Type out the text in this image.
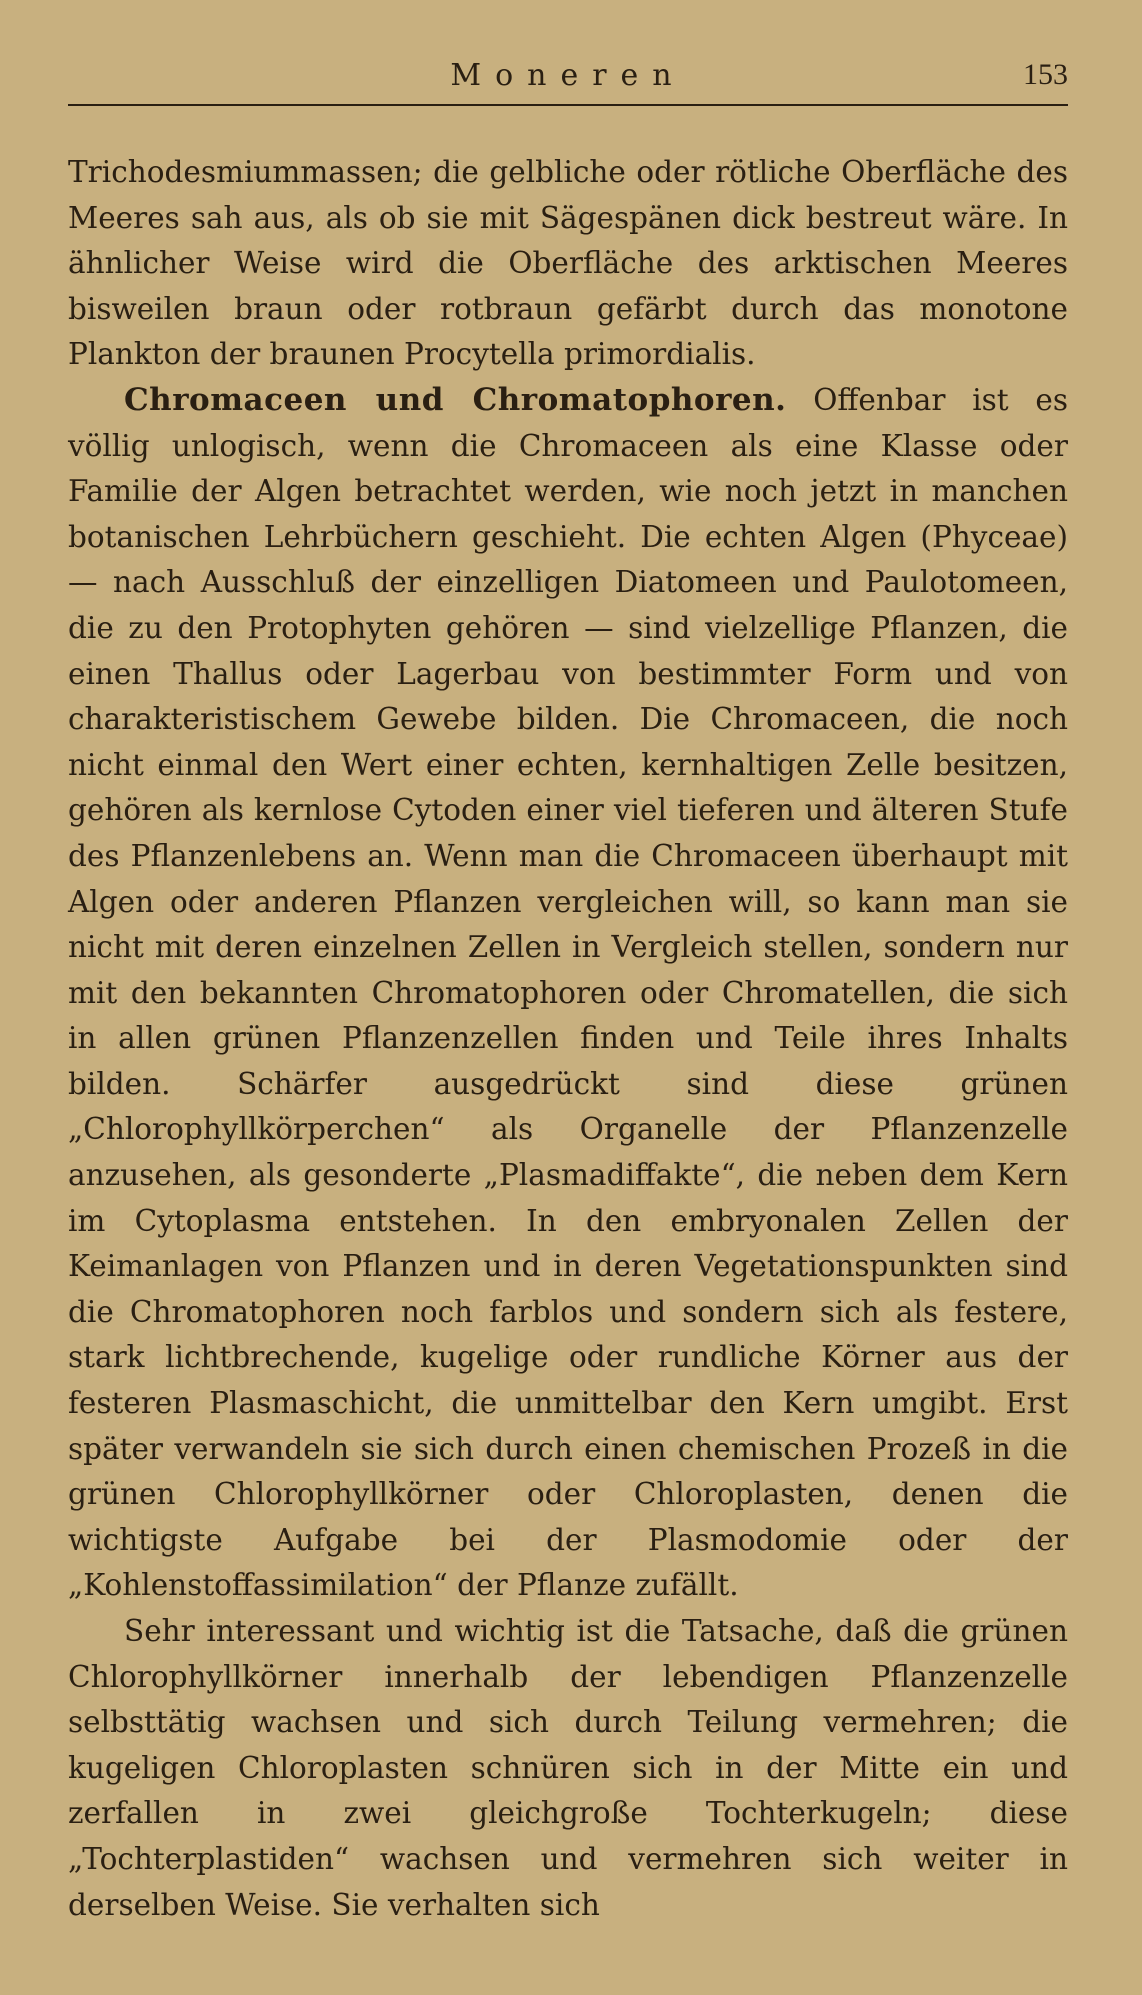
Moneren	153

Trichodesmiummassen; die gelbliche oder rötliche Oberfläche des Meeres sah aus, als ob sie mit Sägespänen dick bestreut wäre. In ähnlicher Weise wird die Oberfläche des arktischen Meeres bisweilen braun oder rotbraun gefärbt durch das monotone Plankton der braunen Procytella primordialis.

Chromaceen und Chromatophoren. Offenbar ist es völlig unlogisch, wenn die Chromaceen als eine Klasse oder Familie der Algen betrachtet werden, wie noch jetzt in manchen botanischen Lehrbüchern geschieht. Die echten Algen (Phyceae) — nach Ausschluß der einzelligen Diatomeen und Paulotomeen, die zu den Protophyten gehören — sind vielzellige Pflanzen, die einen Thallus oder Lagerbau von bestimmter Form und von charakteristischem Gewebe bilden. Die Chromaceen, die noch nicht einmal den Wert einer echten, kernhaltigen Zelle besitzen, gehören als kernlose Cytoden einer viel tieferen und älteren Stufe des Pflanzenlebens an. Wenn man die Chromaceen überhaupt mit Algen oder anderen Pflanzen vergleichen will, so kann man sie nicht mit deren einzelnen Zellen in Vergleich stellen, sondern nur mit den bekannten Chromatophoren oder Chromatellen, die sich in allen grünen Pflanzenzellen finden und Teile ihres Inhalts bilden. Schärfer ausgedrückt sind diese grünen „Chlorophyllkörperchen“ als Organelle der Pflanzenzelle anzusehen, als gesonderte „Plasmadiffakte“, die neben dem Kern im Cytoplasma entstehen. In den embryonalen Zellen der Keimanlagen von Pflanzen und in deren Vegetationspunkten sind die Chromatophoren noch farblos und sondern sich als festere, stark lichtbrechende, kugelige oder rundliche Körner aus der festeren Plasmaschicht, die unmittelbar den Kern umgibt. Erst später verwandeln sie sich durch einen chemischen Prozeß in die grünen Chlorophyllkörner oder Chloroplasten, denen die wichtigste Aufgabe bei der Plasmodomie oder der „Kohlenstoffassimilation“ der Pflanze zufällt.

Sehr interessant und wichtig ist die Tatsache, daß die grünen Chlorophyllkörner innerhalb der lebendigen Pflanzenzelle selbsttätig wachsen und sich durch Teilung vermehren; die kugeligen Chloroplasten schnüren sich in der Mitte ein und zerfallen in zwei gleichgroße Tochterkugeln; diese „Tochterplastiden“ wachsen und vermehren sich weiter in derselben Weise. Sie verhalten sich
